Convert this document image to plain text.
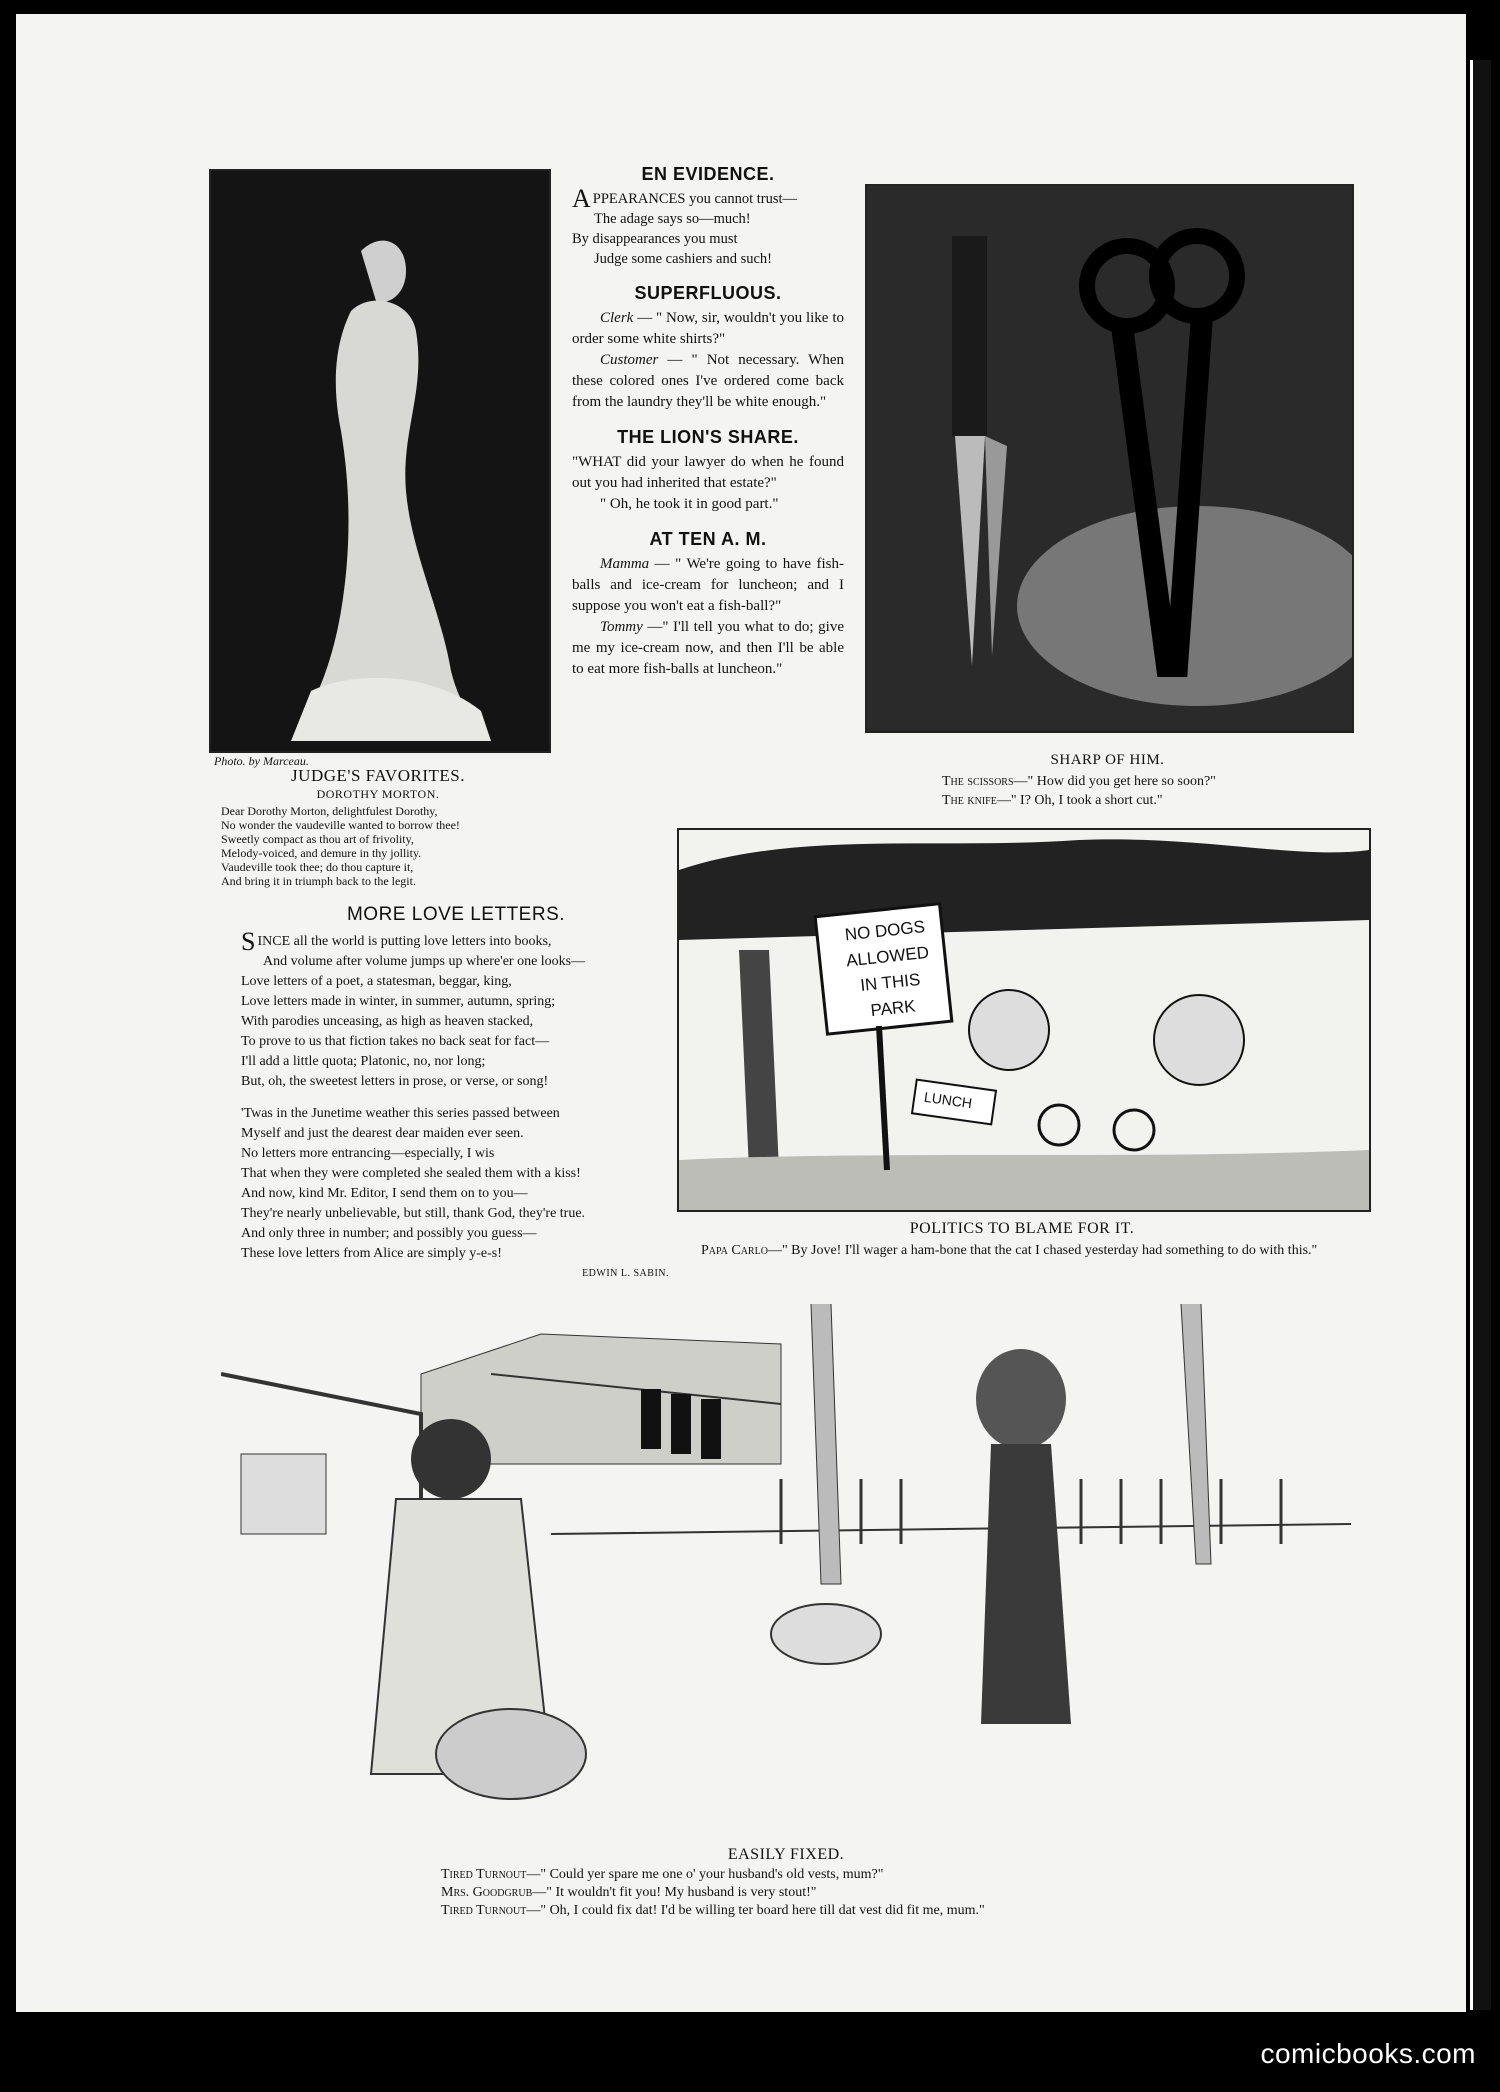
Photo. by Marceau.
JUDGE'S FAVORITES.
DOROTHY MORTON.
Dear Dorothy Morton, delightfulest Dorothy,
No wonder the vaudeville wanted to borrow thee!
Sweetly compact as thou art of frivolity,
Melody-voiced, and demure in thy jollity.
Vaudeville took thee; do thou capture it,
And bring it in triumph back to the legit.
EN EVIDENCE.

APPEARANCES you cannot trust—

The adage says so—much!

By disappearances you must

Judge some cashiers and such!

SUPERFLUOUS.

Clerk — " Now, sir, wouldn't you like to order some white shirts?"

Customer — " Not necessary. When these colored ones I've ordered come back from the laundry they'll be white enough."

THE LION'S SHARE.

"WHAT did your lawyer do when he found out you had inherited that estate?"

" Oh, he took it in good part."

AT TEN A. M.

Mamma — " We're going to have fish-balls and ice-cream for luncheon; and I suppose you won't eat a fish-ball?"

Tommy —" I'll tell you what to do; give me my ice-cream now, and then I'll be able to eat more fish-balls at luncheon."

SHARP OF HIM.
The scissors—" How did you get here so soon?"
The knife—" I? Oh, I took a short cut."
MORE LOVE LETTERS.

SINCE all the world is putting love letters into books,

And volume after volume jumps up where'er one looks—

Love letters of a poet, a statesman, beggar, king,

Love letters made in winter, in summer, autumn, spring;

With parodies unceasing, as high as heaven stacked,

To prove to us that fiction takes no back seat for fact—

I'll add a little quota; Platonic, no, nor long;

But, oh, the sweetest letters in prose, or verse, or song!

'Twas in the Junetime weather this series passed between

Myself and just the dearest dear maiden ever seen.

No letters more entrancing—especially, I wis

That when they were completed she sealed them with a kiss!

And now, kind Mr. Editor, I send them on to you—

They're nearly unbelievable, but still, thank God, they're true.

And only three in number; and possibly you guess—

These love letters from Alice are simply y-e-s!

EDWIN L. SABIN.

NO DOGS
ALLOWED
IN THIS
PARK
LUNCH
POLITICS TO BLAME FOR IT.
Papa Carlo—" By Jove! I'll wager a ham-bone that the cat I chased yesterday had something to do with this."
EASILY FIXED.
Tired Turnout—" Could yer spare me one o' your husband's old vests, mum?"
Mrs. Goodgrub—" It wouldn't fit you! My husband is very stout!"
Tired Turnout—" Oh, I could fix dat! I'd be willing ter board here till dat vest did fit me, mum."
comicbooks.com
